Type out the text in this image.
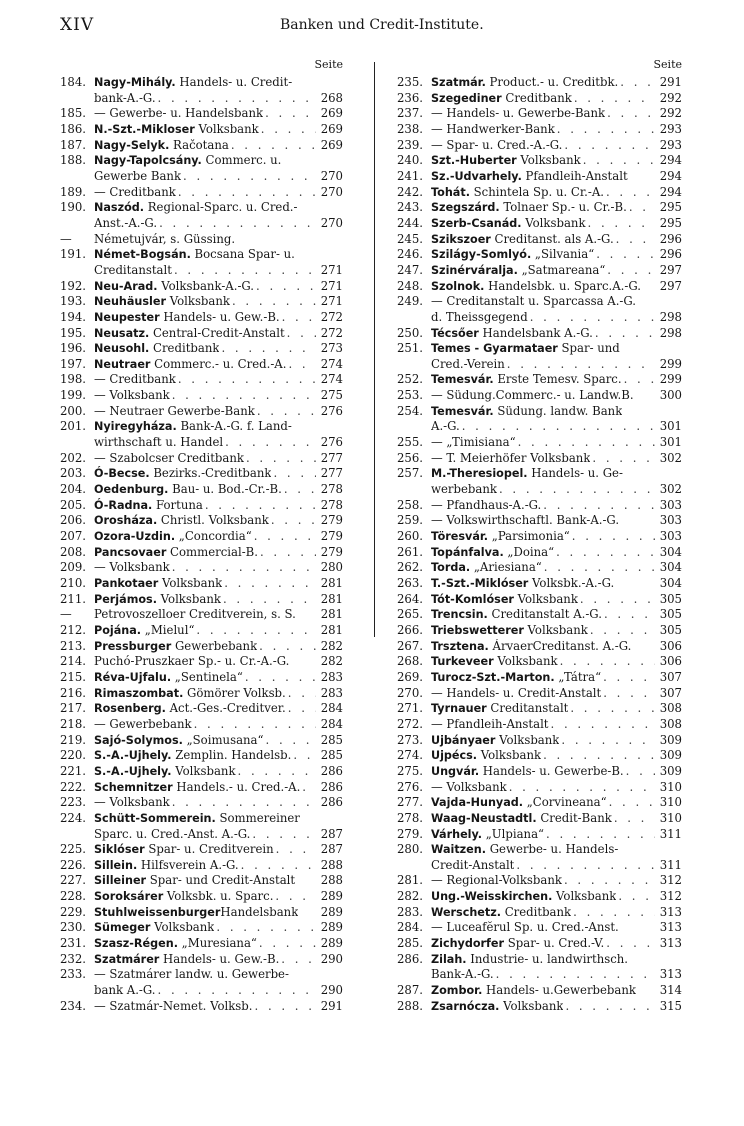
XIV	Banken und Credit-Institute.
Seite
184. Nagy-Mihály. Handels- u. Credit-
bank-A.-G. . . .	268
185. — Gewerbe- u. Handelsbank . . .	269
186. N.-Szt.-Mikloser Volksbank . . .	269
187. Nagy-Selyk. Račotana . . .	269
188. Nagy-Tapolcsány. Commerc. u.
Gewerbe Bank . . .	270
189. — Creditbank . . .	270
190. Naszód. Regional-Sparc. u. Cred.-
Anst.-A.-G. . . .	270
—	Németujvár, s. Güssing.
191. Német-Bogsán. Bocsana Spar- u.
Creditanstalt . . .	271
192. Neu-Arad. Volksbank-A.-G. . . .	271
193. Neuhäusler Volksbank . . .	271
194. Neupester Handels- u. Gew.-B. . . .	272
195. Neusatz. Central-Credit-Anstalt . . .	272
196. Neusohl. Creditbank . . .	273
197. Neutraer Commerc.- u. Cred.-A. . . .	274
198. — Creditbank . . .	274
199. — Volksbank . . .	275
200. — Neutraer Gewerbe-Bank . . .	276
201. Nyiregyháza. Bank-A.-G. f. Land-
wirthschaft u. Handel . . .	276
202. — Szabolcser Creditbank . . .	277
203. Ó-Becse. Bezirks.-Creditbank . . .	277
204. Oedenburg. Bau- u. Bod.-Cr.-B. . . .	278
205. Ó-Radna. Fortuna . . .	278
206. Orosháza. Christl. Volksbank . . .	279
207. Ozora-Uzdin. „Concordia“ . . .	279
208. Pancsovaer Commercial-B. . . .	279
209. — Volksbank . . .	280
210. Pankotaer Volksbank . . .	281
211. Perjámos. Volksbank . . .	281
—	Petrovoszelloer Creditverein, s. S.	281
212. Pojána. „Mielul“ . . .	281
213. Pressburger Gewerbebank . . .	282
214. Puchó-Pruszkaer Sp.- u. Cr.-A.-G.	282
215. Réva-Ujfalu. „Sentinela“ . . .	283
216. Rimaszombat. Gömörer Volksb. . . .	283
217. Rosenberg. Act.-Ges.-Creditver. . . .	284
218. — Gewerbebank . . .	284
219. Sajó-Solymos. „Soimusana“ . . .	285
220. S.-A.-Ujhely. Zemplin. Handelsb. . . .	285
221. S.-A.-Ujhely. Volksbank . . .	286
222. Schemnitzer Handels.- u. Cred.-A. . . .	286
223. — Volksbank . . .	286
224. Schütt-Sommerein. Sommereiner
Sparc. u. Cred.-Anst. A.-G. . . .	287
225. Siklóser Spar- u. Creditverein . . .	287
226. Sillein. Hilfsverein A.-G. . . .	288
227. Silleiner Spar- und Credit-Anstalt	288
228. Soroksárer Volksbk. u. Sparc. . . .	289
229. StuhlweissenburgerHandelsbank	289
230. Sümeger Volksbank . . .	289
231. Szasz-Régen. „Muresiana“ . . .	289
232. Szatmárer Handels- u. Gew.-B. . . .	290
233. — Szatmárer landw. u. Gewerbe-
bank A.-G. . . .	290
234. — Szatmár-Nemet. Volksb. . . .	291
Seite
235. Szatmár. Product.- u. Creditbk. . . .	291
236. Szegediner Creditbank . . .	292
237. — Handels- u. Gewerbe-Bank . . .	292
238. — Handwerker-Bank . . .	293
239. — Spar- u. Cred.-A.-G. . . .	293
240. Szt.-Huberter Volksbank . . .	294
241. Sz.-Udvarhely. Pfandleih-Anstalt	294
242. Tohát. Schintela Sp. u. Cr.-A. . . .	294
243. Szegszárd. Tolnaer Sp.- u. Cr.-B. . . .	295
244. Szerb-Csanád. Volksbank . . .	295
245. Szikszoer Creditanst. als A.-G. . . .	296
246. Szilágy-Somlyó. „Silvania“ . . .	296
247. Szinérváralja. „Satmareana“ . . .	297
248. Szolnok. Handelsbk. u. Sparc.A.-G.	297
249. — Creditanstalt u. Sparcassa A.-G.
d. Theissgegend . . .	298
250. Técsőer Handelsbank A.-G. . . .	298
251. Temes - Gyarmataer Spar- und
Cred.-Verein . . .	299
252. Temesvár. Erste Temesv. Sparc. . . .	299
253. — Südung.Commerc.- u. Landw.B.	300
254. Temesvár. Südung. landw. Bank
A.-G. . . .	301
255. — „Timisiana“ . . .	301
256. — T. Meierhöfer Volksbank . . .	302
257. M.-Theresiopel. Handels- u. Ge-
werbebank . . .	302
258. — Pfandhaus-A.-G. . . .	303
259. — Volkswirthschaftl. Bank-A.-G.	303
260. Töresvár. „Parsimonia“ . . .	303
261. Topánfalva. „Doina“ . . .	304
262. Torda. „Ariesiana“ . . .	304
263. T.-Szt.-Miklóser Volksbk.-A.-G.	304
264. Tót-Komlóser Volksbank . . .	305
265. Trencsin. Creditanstalt A.-G. . . .	305
266. Triebswetterer Volksbank . . .	305
267. Trsztena. ÁrvaerCreditanst. A.-G.	306
268. Turkeveer Volksbank . . .	306
269. Turocz-Szt.-Marton. „Tátra“ . . .	307
270. — Handels- u. Credit-Anstalt . . .	307
271. Tyrnauer Creditanstalt . . .	308
272. — Pfandleih-Anstalt . . .	308
273. Ujbányaer Volksbank . . .	309
274. Ujpécs. Volksbank . . .	309
275. Ungvár. Handels- u. Gewerbe-B. . . .	309
276. — Volksbank . . .	310
277. Vajda-Hunyad. „Corvineana“ . . .	310
278. Waag-Neustadtl. Credit-Bank . . .	310
279. Várhely. „Ulpiana“ . . .	311
280. Waitzen. Gewerbe- u. Handels-
Credit-Anstalt . . .	311
281. — Regional-Volksbank . . .	312
282. Ung.-Weisskirchen. Volksbank . . .	312
283. Werschetz. Creditbank . . .	313
284. — Luceafĕrul Sp. u. Cred.-Anst.	313
285. Zichydorfer Spar- u. Cred.-V. . . .	313
286. Zilah. Industrie- u. landwirthsch.
Bank-A.-G. . . .	313
287. Zombor. Handels- u.Gewerbebank	314
288. Zsarnócza. Volksbank . . .	315
